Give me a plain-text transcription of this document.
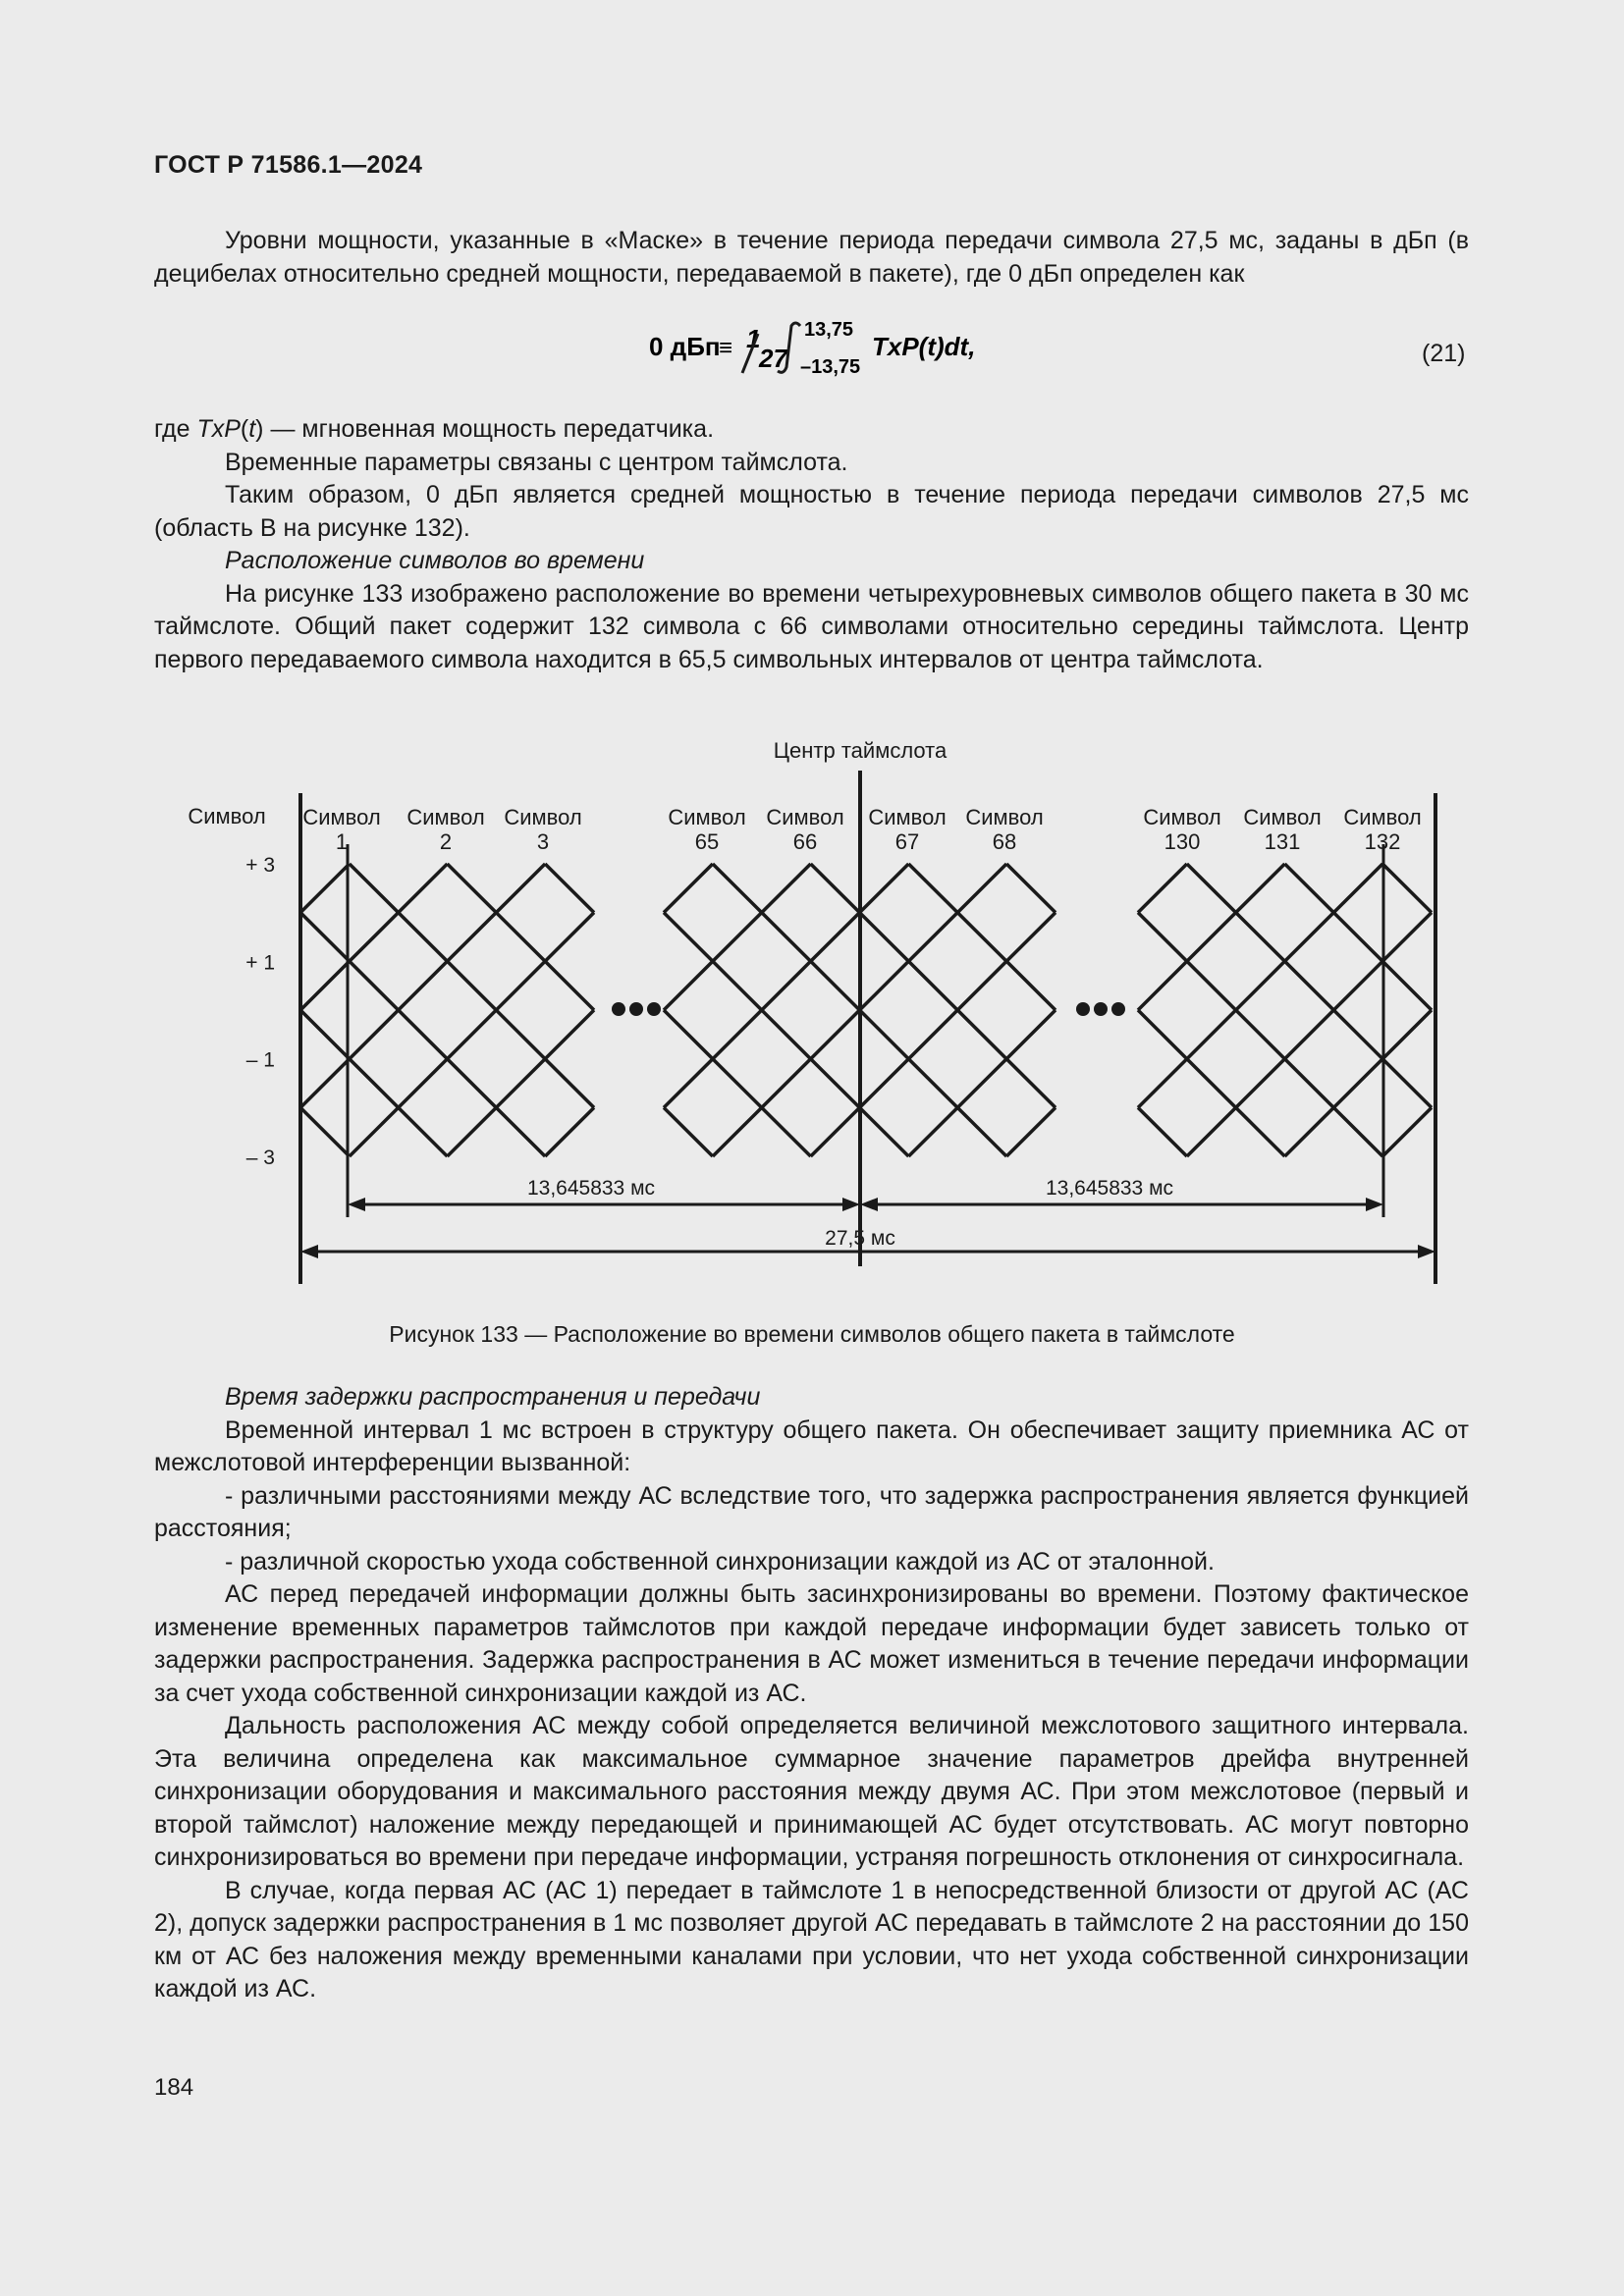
ГОСТ Р 71586.1—2024

Уровни мощности, указанные в «Маске» в течение периода передачи символа 27,5 мс, заданы в дБп (в децибелах относительно средней мощности, передаваемой в пакете), где 0 дБп определен как

0 дБп
≡ 1
27
13,75
–13,75
TxP(t)dt,	(21)

где TxP(t) — мгновенная мощность передатчика.

Временные параметры связаны с центром таймслота.

Таким образом, 0 дБп является средней мощностью в течение периода передачи символов 27,5 мс (область В на рисунке 132).

Расположение символов во времени

На рисунке 133 изображено расположение во времени четырехуровневых символов общего пакета в 30 мс таймслоте. Общий пакет содержит 132 символа с 66 символами относительно середины таймслота. Центр первого передаваемого символа находится в 65,5 символьных интервалов от центра таймслота.

Центр таймслота
Символ
+ 3
+ 1
– 1
– 3
Символ
1
Символ
2
Символ
3
Символ
65
Символ
66
Символ
67
Символ
68
Символ
130
Символ
131
Символ
132
13,645833 мс	13,645833 мс
27,5 мс
Рисунок 133 — Расположение во времени символов общего пакета в таймслоте

Время задержки распространения и передачи

Временной интервал 1 мс встроен в структуру общего пакета. Он обеспечивает защиту приемника АС от межслотовой интерференции вызванной:

- различными расстояниями между АС вследствие того, что задержка распространения является функцией расстояния;

- различной скоростью ухода собственной синхронизации каждой из АС от эталонной.

АС перед передачей информации должны быть засинхронизированы во времени. Поэтому фактическое изменение временных параметров таймслотов при каждой передаче информации будет зависеть только от задержки распространения. Задержка распространения в АС может измениться в течение передачи информации за счет ухода собственной синхронизации каждой из АС.

Дальность расположения АС между собой определяется величиной межслотового защитного интервала. Эта величина определена как максимальное суммарное значение параметров дрейфа внутренней синхронизации оборудования и максимального расстояния между двумя АС. При этом межслотовое (первый и второй таймслот) наложение между передающей и принимающей АС будет отсутствовать. АС могут повторно синхронизироваться во времени при передаче информации, устраняя погрешность отклонения от синхросигнала.

В случае, когда первая АС (АС 1) передает в таймслоте 1 в непосредственной близости от другой АС (АС 2), допуск задержки распространения в 1 мс позволяет другой АС передавать в таймслоте 2 на расстоянии до 150 км от АС без наложения между временными каналами при условии, что нет ухода собственной синхронизации каждой из АС.

184
